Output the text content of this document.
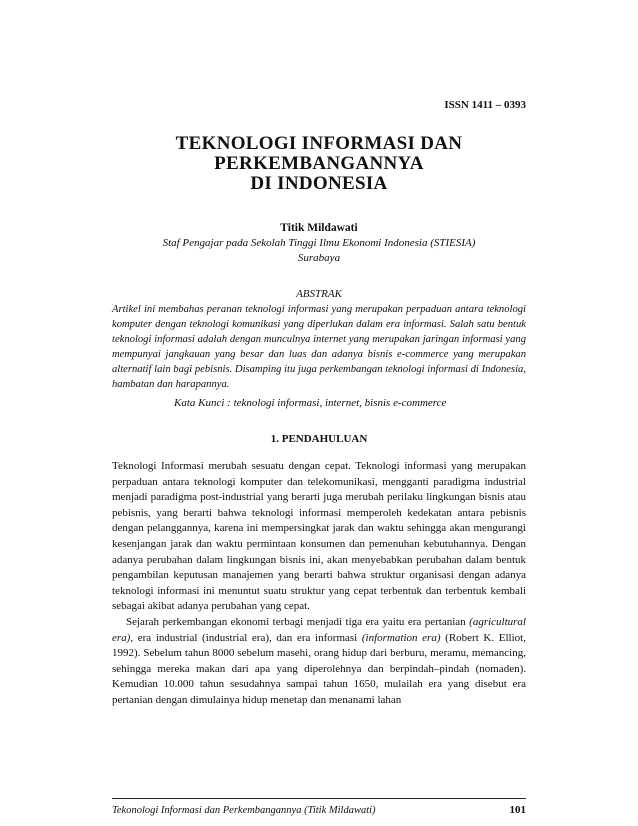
ISSN 1411 – 0393
TEKNOLOGI INFORMASI DAN
PERKEMBANGANNYA
DI INDONESIA
Titik Mildawati
Staf Pengajar pada Sekolah Tinggi Ilmu Ekonomi Indonesia (STIESIA)
Surabaya
ABSTRAK

Artikel ini membahas peranan teknologi informasi yang merupakan perpaduan antara teknologi komputer dengan teknologi komunikasi yang diperlukan dalam era informasi. Salah satu bentuk teknologi informasi adalah dengan munculnya internet yang merupakan jaringan informasi yang mempunyai jangkauan yang besar dan luas dan adanya bisnis e-commerce yang merupakan alternatif lain bagi pebisnis. Disamping itu juga perkembangan teknologi informasi di Indonesia, hambatan dan harapannya.

Kata Kunci : teknologi informasi, internet, bisnis e-commerce
1. PENDAHULUAN

Teknologi Informasi merubah sesuatu dengan cepat. Teknologi informasi yang merupakan perpaduan antara teknologi komputer dan telekomunikasi, mengganti paradigma industrial menjadi paradigma post-industrial yang berarti juga merubah perilaku lingkungan bisnis atau pebisnis, yang berarti bahwa teknologi informasi memperoleh kedekatan antara pebisnis dengan pelanggannya, karena ini mempersingkat jarak dan waktu sehingga akan mengurangi kesenjangan jarak dan waktu permintaan konsumen dan pemenuhan kebutuhannya. Dengan adanya perubahan dalam lingkungan bisnis ini, akan menyebabkan perubahan dalam bentuk pengambilan keputusan manajemen yang berarti bahwa struktur organisasi dengan adanya teknologi informasi ini menuntut suatu struktur yang cepat terbentuk dan terbentuk kembali sebagai akibat adanya perubahan yang cepat.

Sejarah perkembangan ekonomi terbagi menjadi tiga era yaitu era pertanian (agricultural era), era industrial (industrial era), dan era informasi (information era) (Robert K. Elliot, 1992). Sebelum tahun 8000 sebelum masehi, orang hidup dari berburu, meramu, memancing, sehingga mereka makan dari apa yang diperolehnya dan berpindah–pindah (nomaden). Kemudian 10.000 tahun sesudahnya sampai tahun 1650, mulailah era yang disebut era pertanian dengan dimulainya hidup menetap dan menanami lahan

Tekonologi Informasi dan Perkembangannya (Titik Mildawati)	101
